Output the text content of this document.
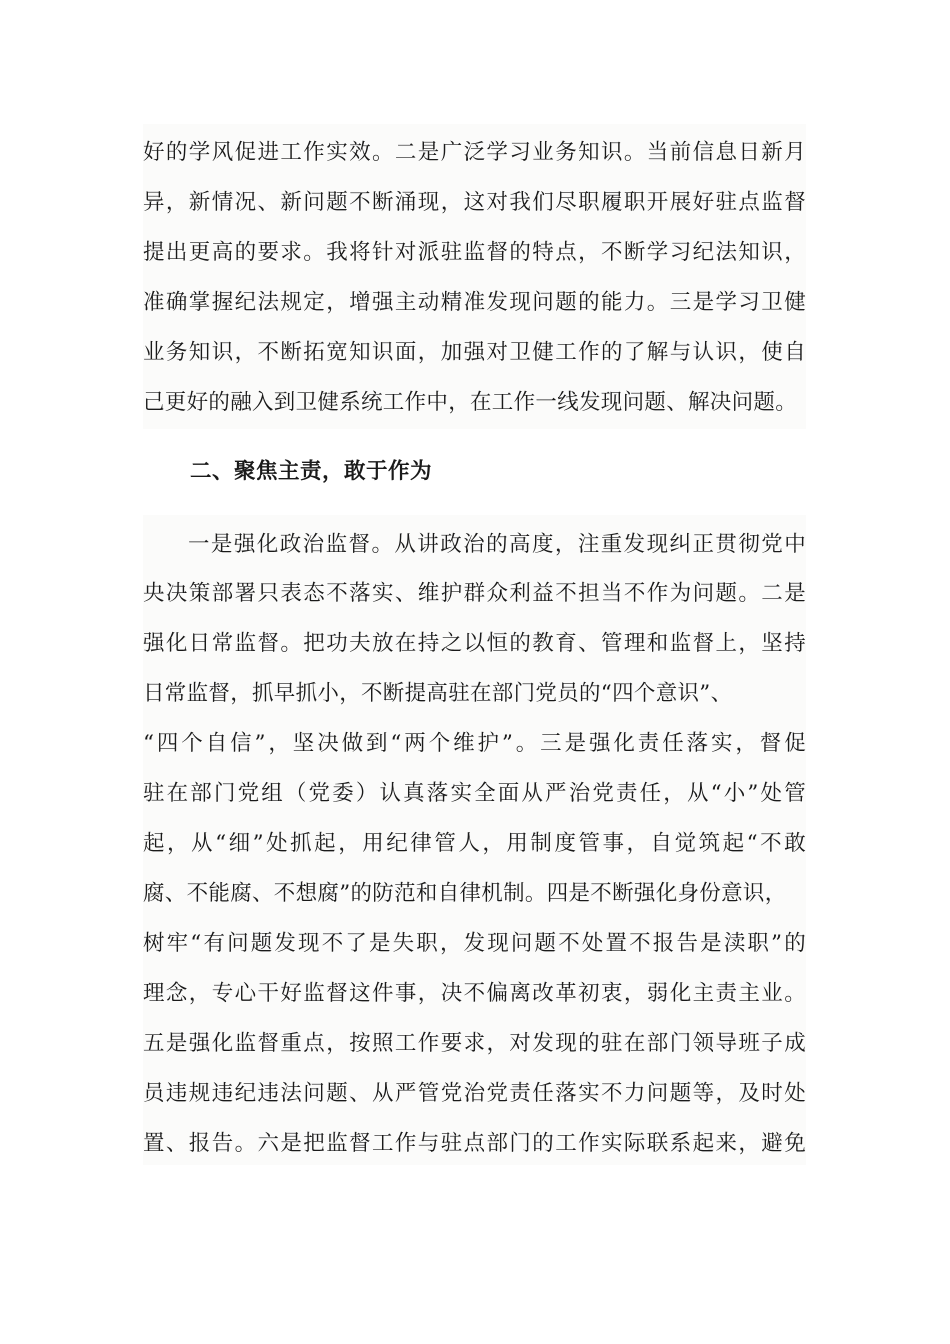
好的学风促进工作实效。二是广泛学习业务知识。当前信息日新月
异，新情况、新问题不断涌现，这对我们尽职履职开展好驻点监督
提出更高的要求。我将针对派驻监督的特点，不断学习纪法知识，
准确掌握纪法规定，增强主动精准发现问题的能力。三是学习卫健
业务知识，不断拓宽知识面，加强对卫健工作的了解与认识，使自
己更好的融入到卫健系统工作中，在工作一线发现问题、解决问题。
二、聚焦主责，敢于作为
一是强化政治监督。从讲政治的高度，注重发现纠正贯彻党中
央决策部署只表态不落实、维护群众利益不担当不作为问题。二是
强化日常监督。把功夫放在持之以恒的教育、管理和监督上，坚持
日常监督，抓早抓小，不断提高驻在部门党员的“四个意识”、
“四个自信”，坚决做到“两个维护”。三是强化责任落实，督促
驻在部门党组（党委）认真落实全面从严治党责任，从“小”处管
起，从“细”处抓起，用纪律管人，用制度管事，自觉筑起“不敢
腐、不能腐、不想腐”的防范和自律机制。四是不断强化身份意识，
树牢“有问题发现不了是失职，发现问题不处置不报告是渎职”的
理念，专心干好监督这件事，决不偏离改革初衷，弱化主责主业。
五是强化监督重点，按照工作要求，对发现的驻在部门领导班子成
员违规违纪违法问题、从严管党治党责任落实不力问题等，及时处
置、报告。六是把监督工作与驻点部门的工作实际联系起来，避免
